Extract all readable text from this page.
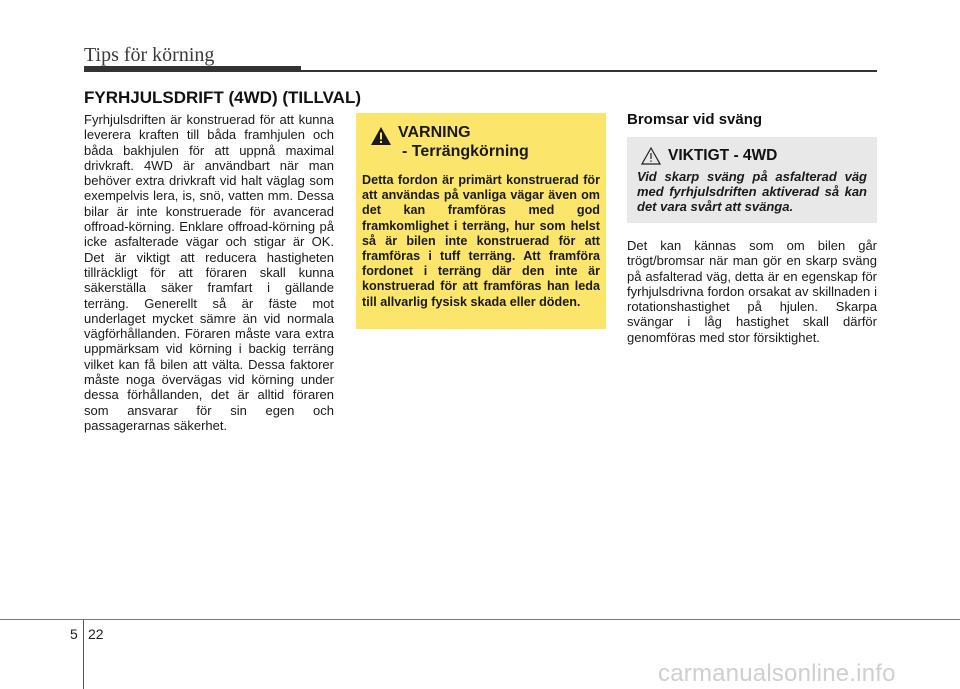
Tips för körning
FYRHJULSDRIFT (4WD) (TILLVAL)
Fyrhjulsdriften är konstruerad för att kunna leverera kraften till båda framhjulen och båda bakhjulen för att uppnå maximal drivkraft. 4WD är användbart när man behöver extra drivkraft vid halt väglag som exempelvis lera, is, snö, vatten mm. Dessa bilar är inte konstruerade för avancerad offroad-körning. Enklare offroad-körning på icke asfalterade vägar och stigar är OK. Det är viktigt att reducera hastigheten tillräckligt för att föraren skall kunna säkerställa säker framfart i gällande terräng. Generellt så är fäste mot underlaget mycket sämre än vid normala vägförhållanden. Föraren måste vara extra uppmärksam vid körning i backig terräng vilket kan få bilen att välta. Dessa faktorer måste noga övervägas vid körning under dessa förhållanden, det är alltid föraren som ansvarar för sin egen och passagerarnas säkerhet.
VARNING
- Terrängkörning
Detta fordon är primärt konstruerad för att användas på vanliga vägar även om det kan framföras med god framkomlighet i terräng, hur som helst så är bilen inte konstruerad för att framföras i tuff terräng. Att framföra fordonet i terräng där den inte är konstruerad för att framföras han leda till allvarlig fysisk skada eller döden.
Bromsar vid sväng
VIKTIGT - 4WD
Vid skarp sväng på asfalterad väg med fyrhjulsdriften aktiverad så kan det vara svårt att svänga.
Det kan kännas som om bilen går trögt/bromsar när man gör en skarp sväng på asfalterad väg, detta är en egenskap för fyrhjulsdrivna fordon orsakat av skillnaden i rotationshastighet på hjulen. Skarpa svängar i låg hastighet skall därför genomföras med stor försiktighet.
5 22
carmanualsonline.info
